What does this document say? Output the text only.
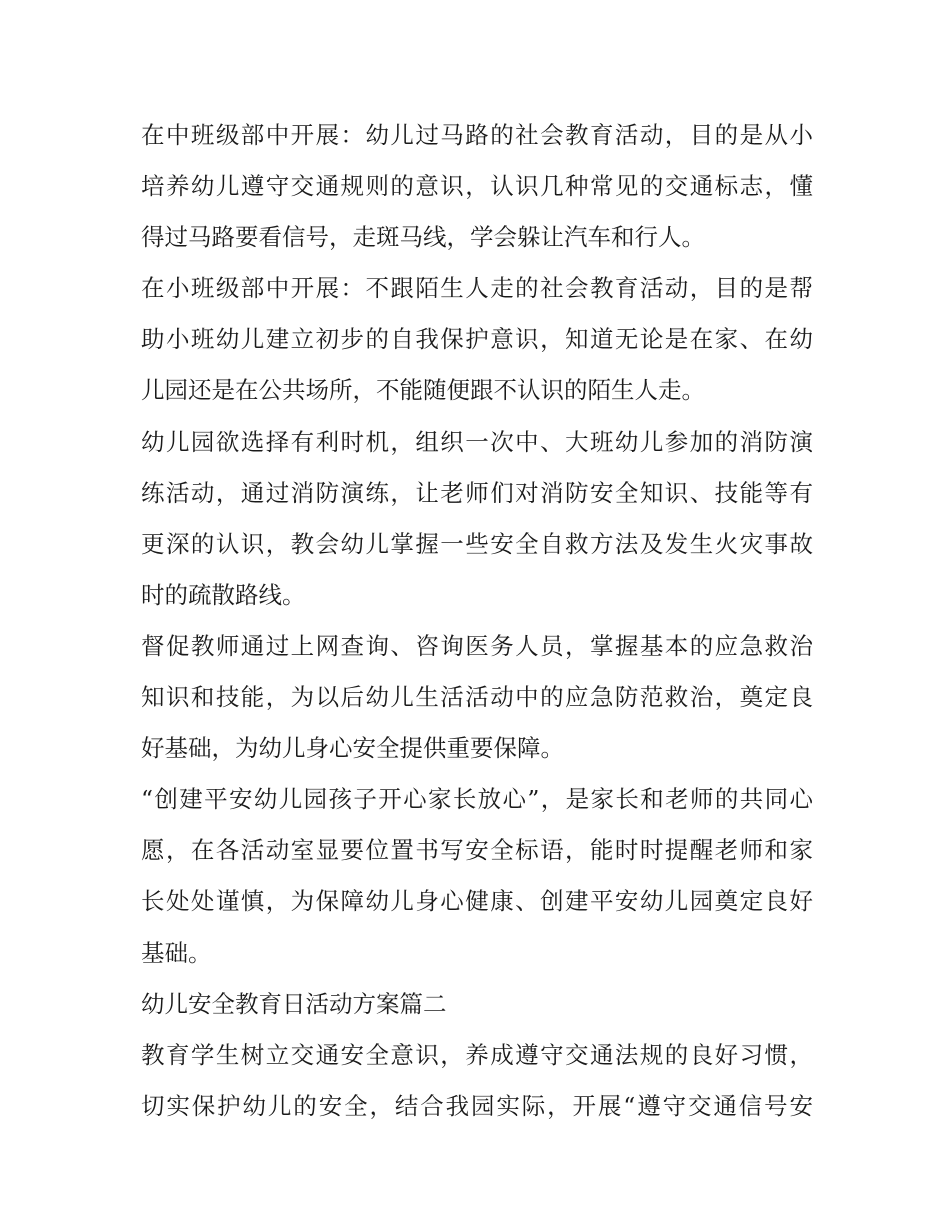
在中班级部中开展：幼儿过马路的社会教育活动，目的是从小
培养幼儿遵守交通规则的意识，认识几种常见的交通标志，懂
得过马路要看信号，走斑马线，学会躲让汽车和行人。
在小班级部中开展：不跟陌生人走的社会教育活动，目的是帮
助小班幼儿建立初步的自我保护意识，知道无论是在家、在幼
儿园还是在公共场所，不能随便跟不认识的陌生人走。
幼儿园欲选择有利时机，组织一次中、大班幼儿参加的消防演
练活动，通过消防演练，让老师们对消防安全知识、技能等有
更深的认识，教会幼儿掌握一些安全自救方法及发生火灾事故
时的疏散路线。
督促教师通过上网查询、咨询医务人员，掌握基本的应急救治
知识和技能，为以后幼儿生活活动中的应急防范救治，奠定良
好基础，为幼儿身心安全提供重要保障。
“创建平安幼儿园孩子开心家长放心”，是家长和老师的共同心
愿，在各活动室显要位置书写安全标语，能时时提醒老师和家
长处处谨慎，为保障幼儿身心健康、创建平安幼儿园奠定良好
基础。
幼儿安全教育日活动方案篇二
教育学生树立交通安全意识，养成遵守交通法规的良好习惯，
切实保护幼儿的安全，结合我园实际，开展“遵守交通信号安
